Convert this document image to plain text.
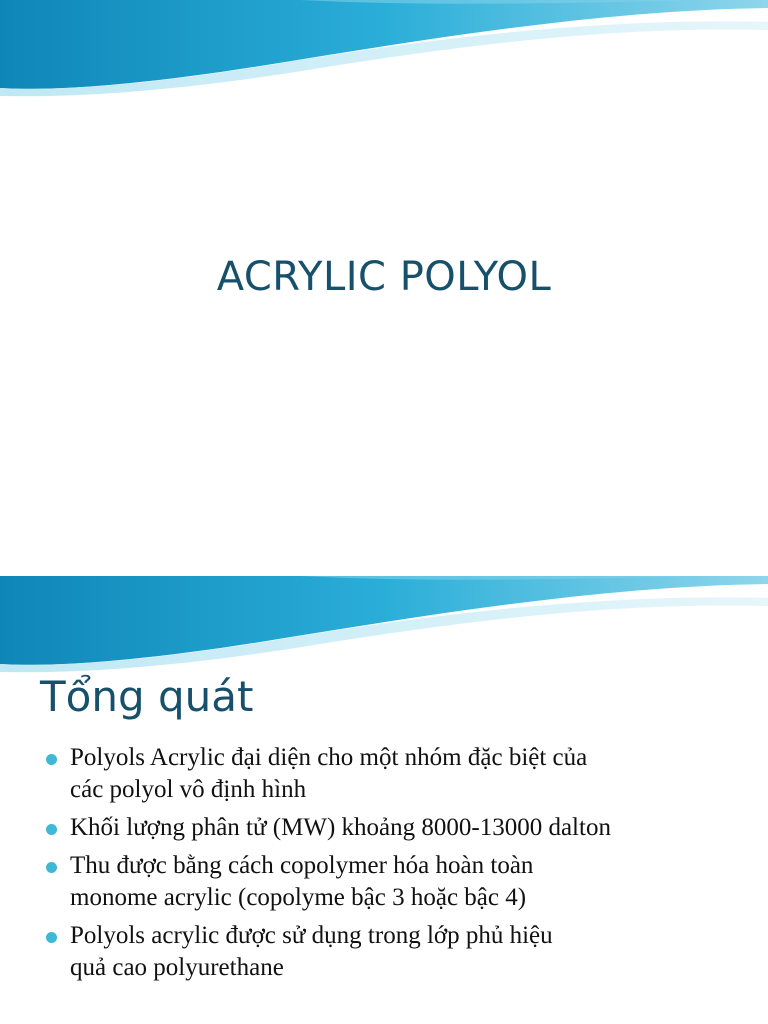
ACRYLIC POLYOL
Tổng quát
Polyols Acrylic đại diện cho một nhóm đặc biệt của
các polyol vô định hình
Khối lượng phân tử (MW) khoảng 8000-13000 dalton
Thu được bằng cách copolymer hóa hoàn toàn
monome acrylic (copolyme bậc 3 hoặc bậc 4)
Polyols acrylic được sử dụng trong lớp phủ hiệu
quả cao polyurethane
